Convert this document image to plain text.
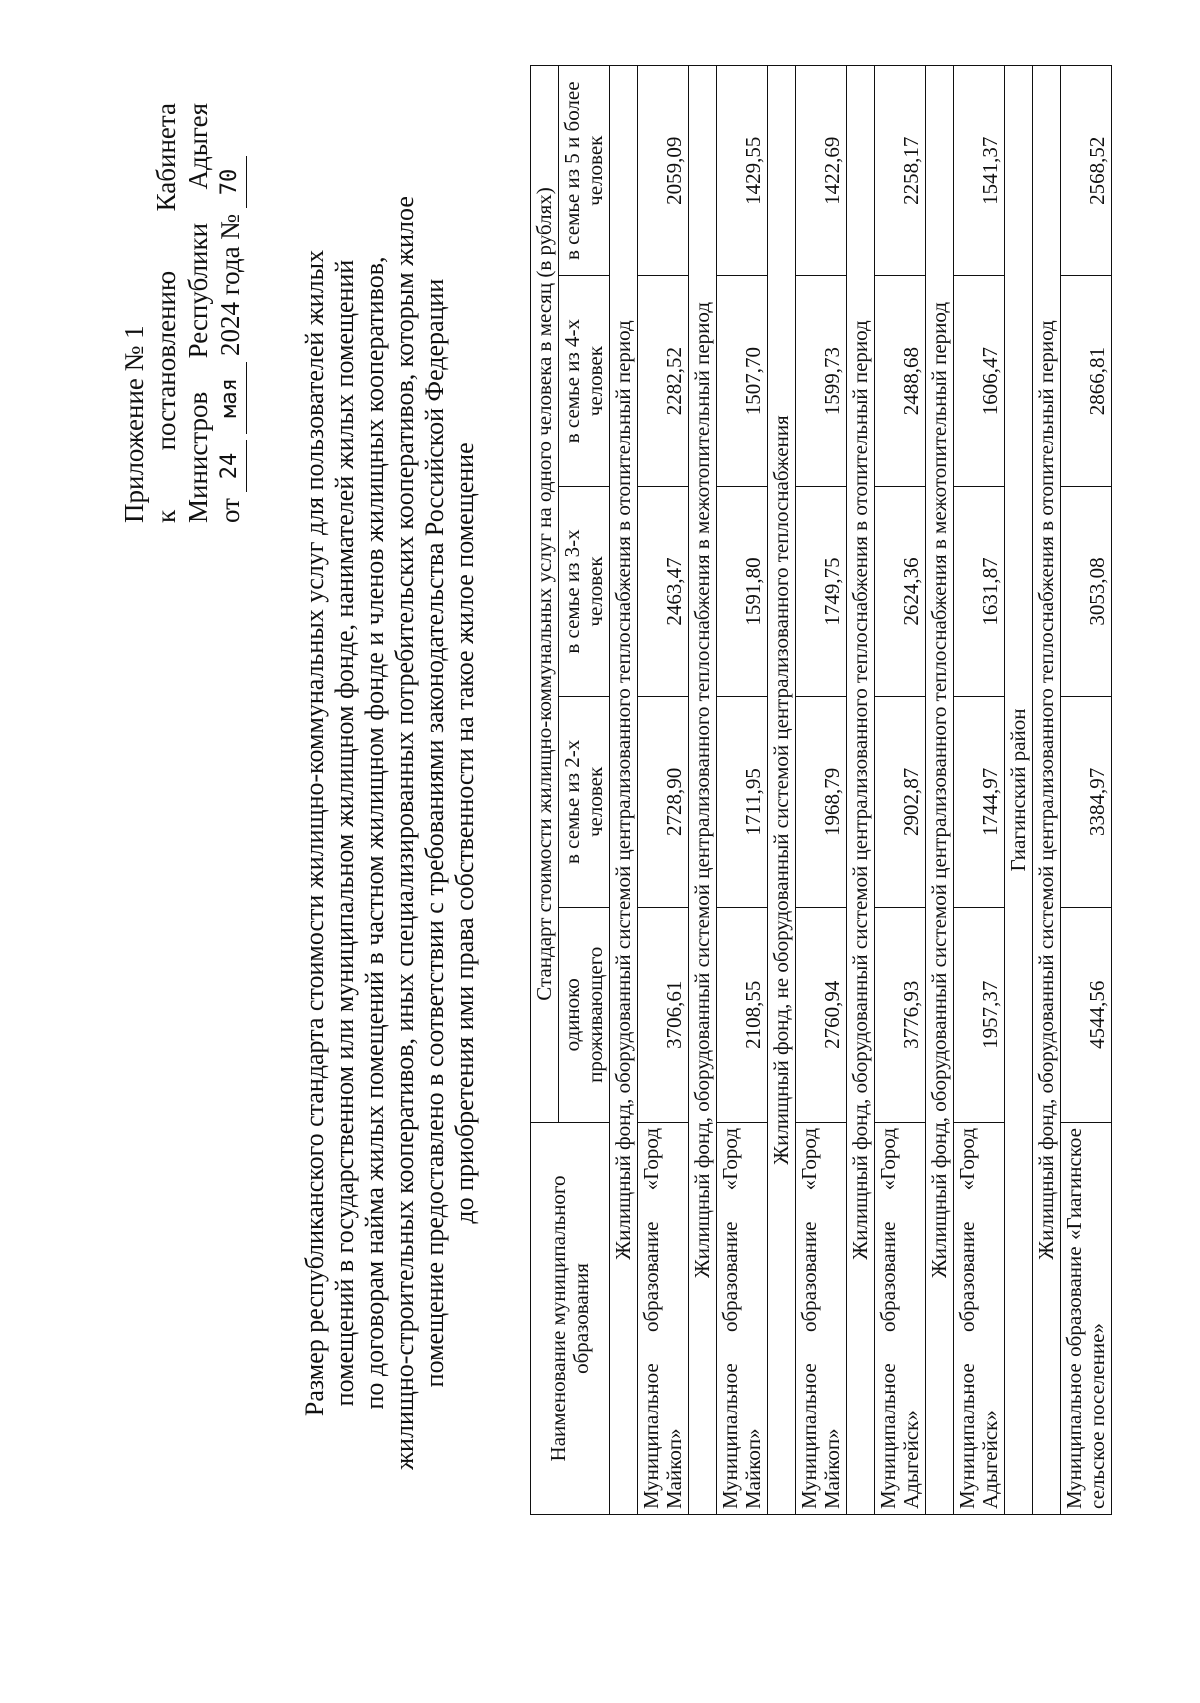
Приложение № 1 к
постановлению
Кабинета
Министров
Республики
Адыгея
от
24
мая
2024 года №
70
Размер республиканского стандарта стоимости жилищно-коммунальных услуг для пользователей жилых помещений в государственном или муниципальном жилищном фонде, нанимателей жилых помещений по договорам найма жилых помещений в частном жилищном фонде и членов жилищных кооперативов, жилищно-строительных кооперативов, иных специализированных потребительских кооперативов, которым жилое помещение предоставлено в соответствии с требованиями законодательства Российской Федерации до приобретения ими права собственности на такое жилое помещение
Наименование муниципального образования	Стандарт стоимости жилищно-коммунальных услуг на одного человека в месяц (в рублях)				
	одиноко проживающего	в семье из 2-х человек	в семье из 3-х человек	в семье из 4-х человек	в семье из 5 и более человек
Жилищный фонд, оборудованный системой централизованного теплоснабжения в отопительный период					
Муниципальное образование «Город Майкоп»	3706,61	2728,90	2463,47	2282,52	2059,09
Жилищный фонд, оборудованный системой централизованного теплоснабжения в межотопительный период					
Муниципальное образование «Город Майкоп»	2108,55	1711,95	1591,80	1507,70	1429,55
Жилищный фонд, не оборудованный системой централизованного теплоснабжения					
Муниципальное образование «Город Майкоп»	2760,94	1968,79	1749,75	1599,73	1422,69
Жилищный фонд, оборудованный системой централизованного теплоснабжения в отопительный период					
Муниципальное образование «Город Адыгейск»	3776,93	2902,87	2624,36	2488,68	2258,17
Жилищный фонд, оборудованный системой централизованного теплоснабжения в межотопительный период					
Муниципальное образование «Город Адыгейск»	1957,37	1744,97	1631,87	1606,47	1541,37
Гиагинский район					
Жилищный фонд, оборудованный системой централизованного теплоснабжения в отопительный период					
Муниципальное образование «Гиагинское сельское поселение»	4544,56	3384,97	3053,08	2866,81	2568,52
